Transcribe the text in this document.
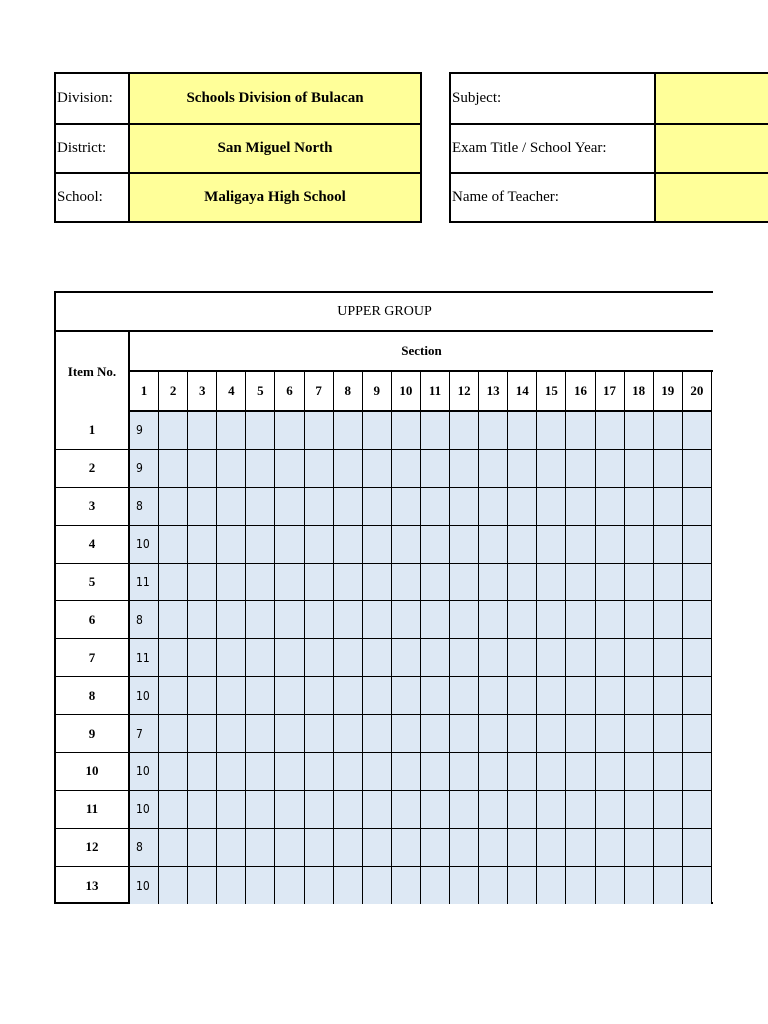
Division:	Schools Division of Bulacan
District:	San Miguel North
School:	Maligaya High School
Subject:
Exam Title / School Year:
Name of Teacher:
UPPER GROUP
Item No.
Section
1	2	3	4	5	6	7	8	9	10	11	12	13	14	15	16	17	18	19	20
1	9
2	9
3	8
4	10
5	11
6	8
7	11
8	10
9	7
10	10
11	10
12	8
13	10
